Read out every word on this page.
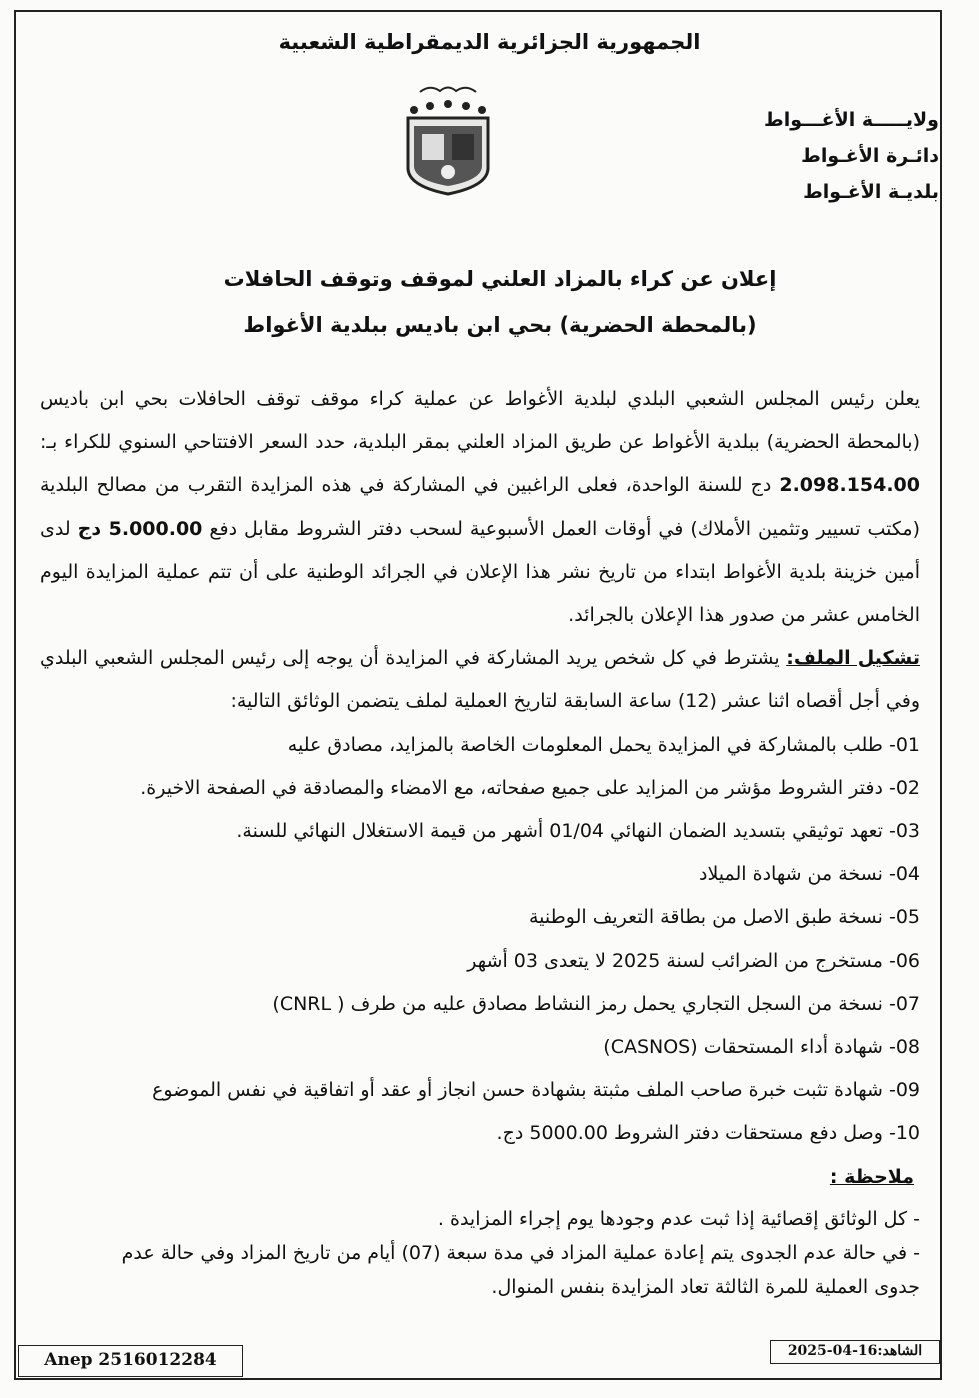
الجمهورية الجزائرية الديمقراطية الشعبية
ولايـــــة الأغـــواط
دائـرة الأغـواط
بلديـة الأغـواط
إعلان عن كراء بالمزاد العلني لموقف وتوقف الحافلات
(بالمحطة الحضرية) بحي ابن باديس ببلدية الأغواط

يعلن رئيس المجلس الشعبي البلدي لبلدية الأغواط عن عملية كراء موقف توقف الحافلات بحي ابن باديس (بالمحطة الحضرية) ببلدية الأغواط عن طريق المزاد العلني بمقر البلدية، حدد السعر الافتتاحي السنوي للكراء بـ: 2.098.154.00 دج للسنة الواحدة، فعلى الراغبين في المشاركة في هذه المزايدة التقرب من مصالح البلدية (مكتب تسيير وتثمين الأملاك) في أوقات العمل الأسبوعية لسحب دفتر الشروط مقابل دفع 5.000.00 دج لدى أمين خزينة بلدية الأغواط ابتداء من تاريخ نشر هذا الإعلان في الجرائد الوطنية على أن تتم عملية المزايدة اليوم الخامس عشر من صدور هذا الإعلان بالجرائد.

تشكيل الملف: يشترط في كل شخص يريد المشاركة في المزايدة أن يوجه إلى رئيس المجلس الشعبي البلدي وفي أجل أقصاه اثنا عشر (12) ساعة السابقة لتاريخ العملية لملف يتضمن الوثائق التالية:

01- طلب بالمشاركة في المزايدة يحمل المعلومات الخاصة بالمزايد، مصادق عليه
02- دفتر الشروط مؤشر من المزايد على جميع صفحاته، مع الامضاء والمصادقة في الصفحة الاخيرة.
03- تعهد توثيقي بتسديد الضمان النهائي 01/04 أشهر من قيمة الاستغلال النهائي للسنة.
04- نسخة من شهادة الميلاد
05- نسخة طبق الاصل من بطاقة التعريف الوطنية
06- مستخرج من الضرائب لسنة 2025 لا يتعدى 03 أشهر
07- نسخة من السجل التجاري يحمل رمز النشاط مصادق عليه من طرف ( CNRL)
08- شهادة أداء المستحقات (CASNOS)
09- شهادة تثبت خبرة صاحب الملف مثبتة بشهادة حسن انجاز أو عقد أو اتفاقية في نفس الموضوع
10- وصل دفع مستحقات دفتر الشروط 5000.00 دج.
ملاحظة :
- كل الوثائق إقصائية إذا ثبت عدم وجودها يوم إجراء المزايدة .
- في حالة عدم الجدوى يتم إعادة عملية المزاد في مدة سبعة (07) أيام من تاريخ المزاد وفي حالة عدم
جدوى العملية للمرة الثالثة تعاد المزايدة بنفس المنوال.
Anep 2516012284	الشاهد:2025-04-16
